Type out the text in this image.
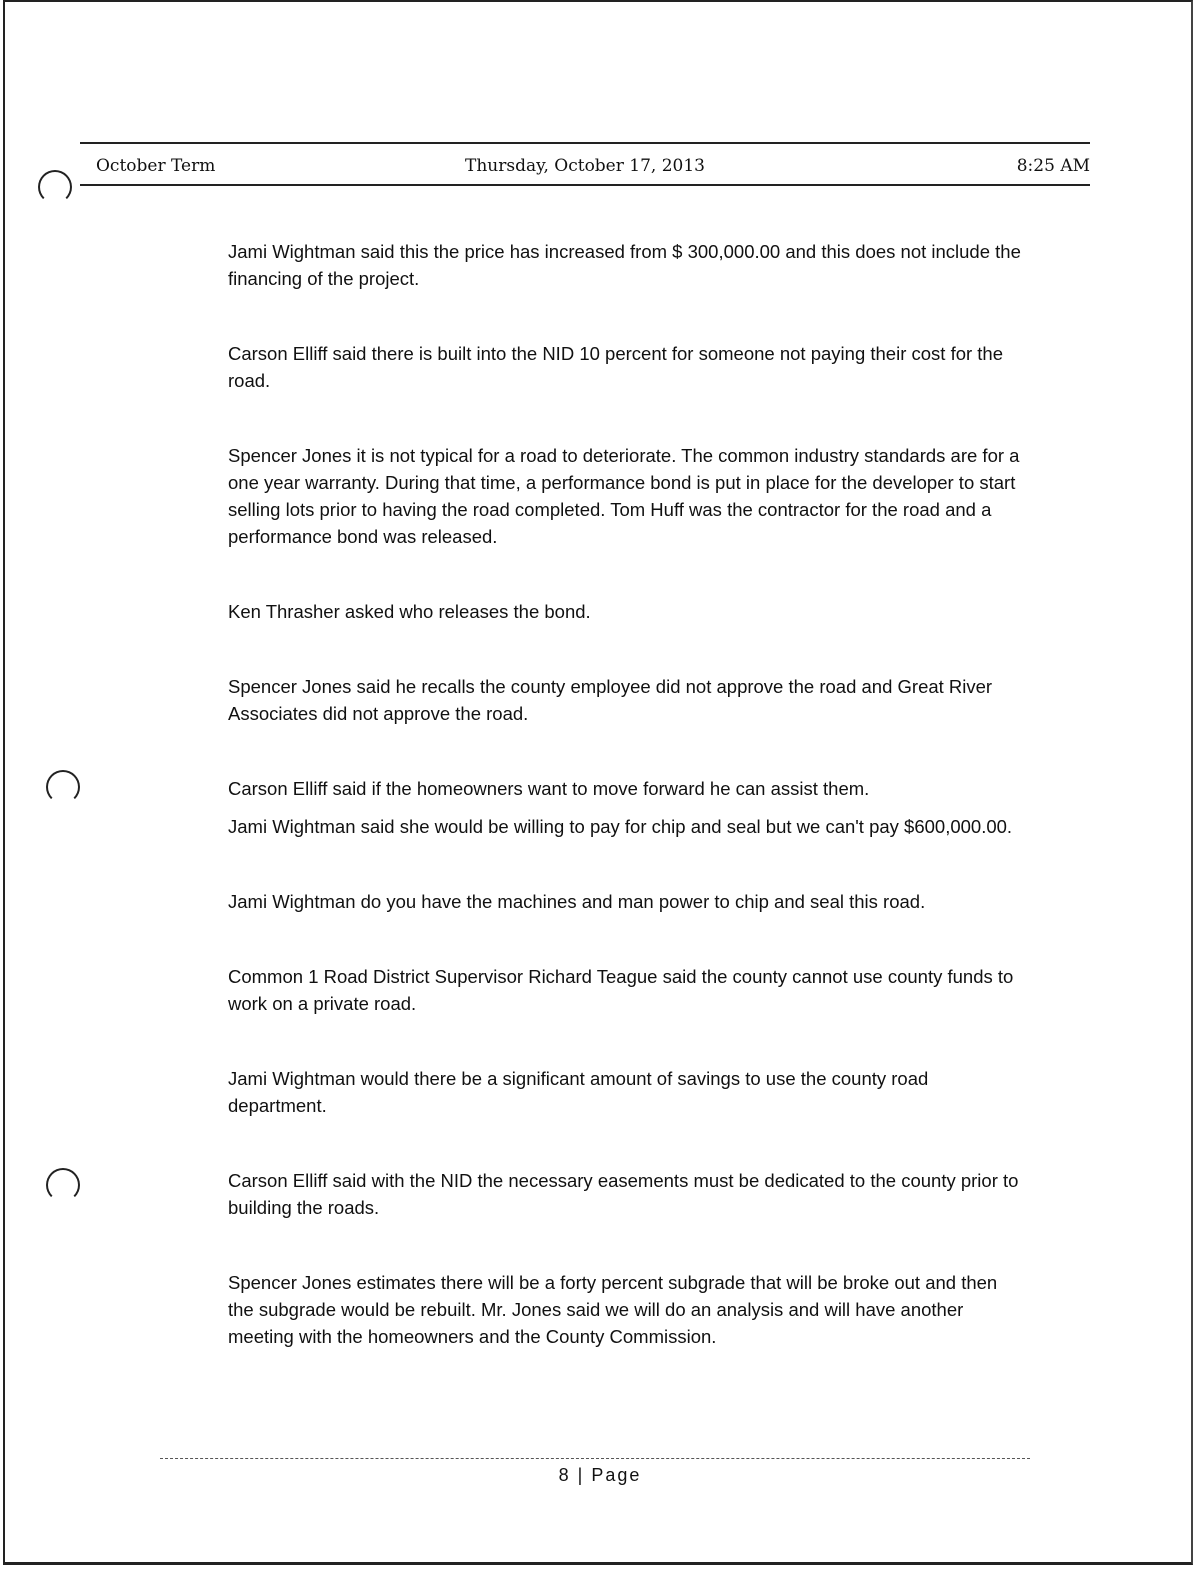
October Term	Thursday, October 17, 2013	8:25 AM

Jami Wightman said this the price has increased from $ 300,000.00 and this does not include the financing of the project.

Carson Elliff said there is built into the NID 10 percent for someone not paying their cost for the road.

Spencer Jones it is not typical for a road to deteriorate. The common industry standards are for a one year warranty. During that time, a performance bond is put in place for the developer to start selling lots prior to having the road completed. Tom Huff was the contractor for the road and a performance bond was released.

Ken Thrasher asked who releases the bond.

Spencer Jones said he recalls the county employee did not approve the road and Great River Associates did not approve the road.

Carson Elliff said if the homeowners want to move forward he can assist them.

Jami Wightman said she would be willing to pay for chip and seal but we can't pay $600,000.00.

Jami Wightman do you have the machines and man power to chip and seal this road.

Common 1 Road District Supervisor Richard Teague said the county cannot use county funds to work on a private road.

Jami Wightman would there be a significant amount of savings to use the county road department.

Carson Elliff said with the NID the necessary easements must be dedicated to the county prior to building the roads.

Spencer Jones estimates there will be a forty percent subgrade that will be broke out and then the subgrade would be rebuilt. Mr. Jones said we will do an analysis and will have another meeting with the homeowners and the County Commission.

8 | Page
